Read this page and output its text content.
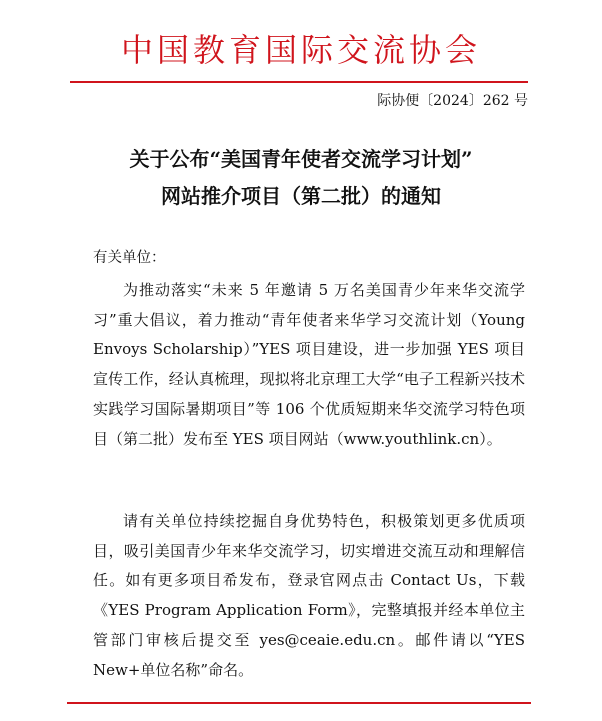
中国教育国际交流协会
际协便〔2024〕262 号
关于公布“美国青年使者交流学习计划”
网站推介项目（第二批）的通知
有关单位：
为推动落实“未来 5 年邀请 5 万名美国青少年来华交流学习”重大倡议，着力推动“青年使者来华学习交流计划（Young Envoys Scholarship）”YES 项目建设，进一步加强 YES 项目宣传工作，经认真梳理，现拟将北京理工大学“电子工程新兴技术实践学习国际暑期项目”等 106 个优质短期来华交流学习特色项目（第二批）发布至 YES 项目网站（www.youthlink.cn）。
请有关单位持续挖掘自身优势特色，积极策划更多优质项目，吸引美国青少年来华交流学习，切实增进交流互动和理解信任。如有更多项目希发布，登录官网点击 Contact Us，下载《YES Program Application Form》，完整填报并经本单位主管部门审核后提交至 yes@ceaie.edu.cn。邮件请以“YES New+单位名称”命名。
